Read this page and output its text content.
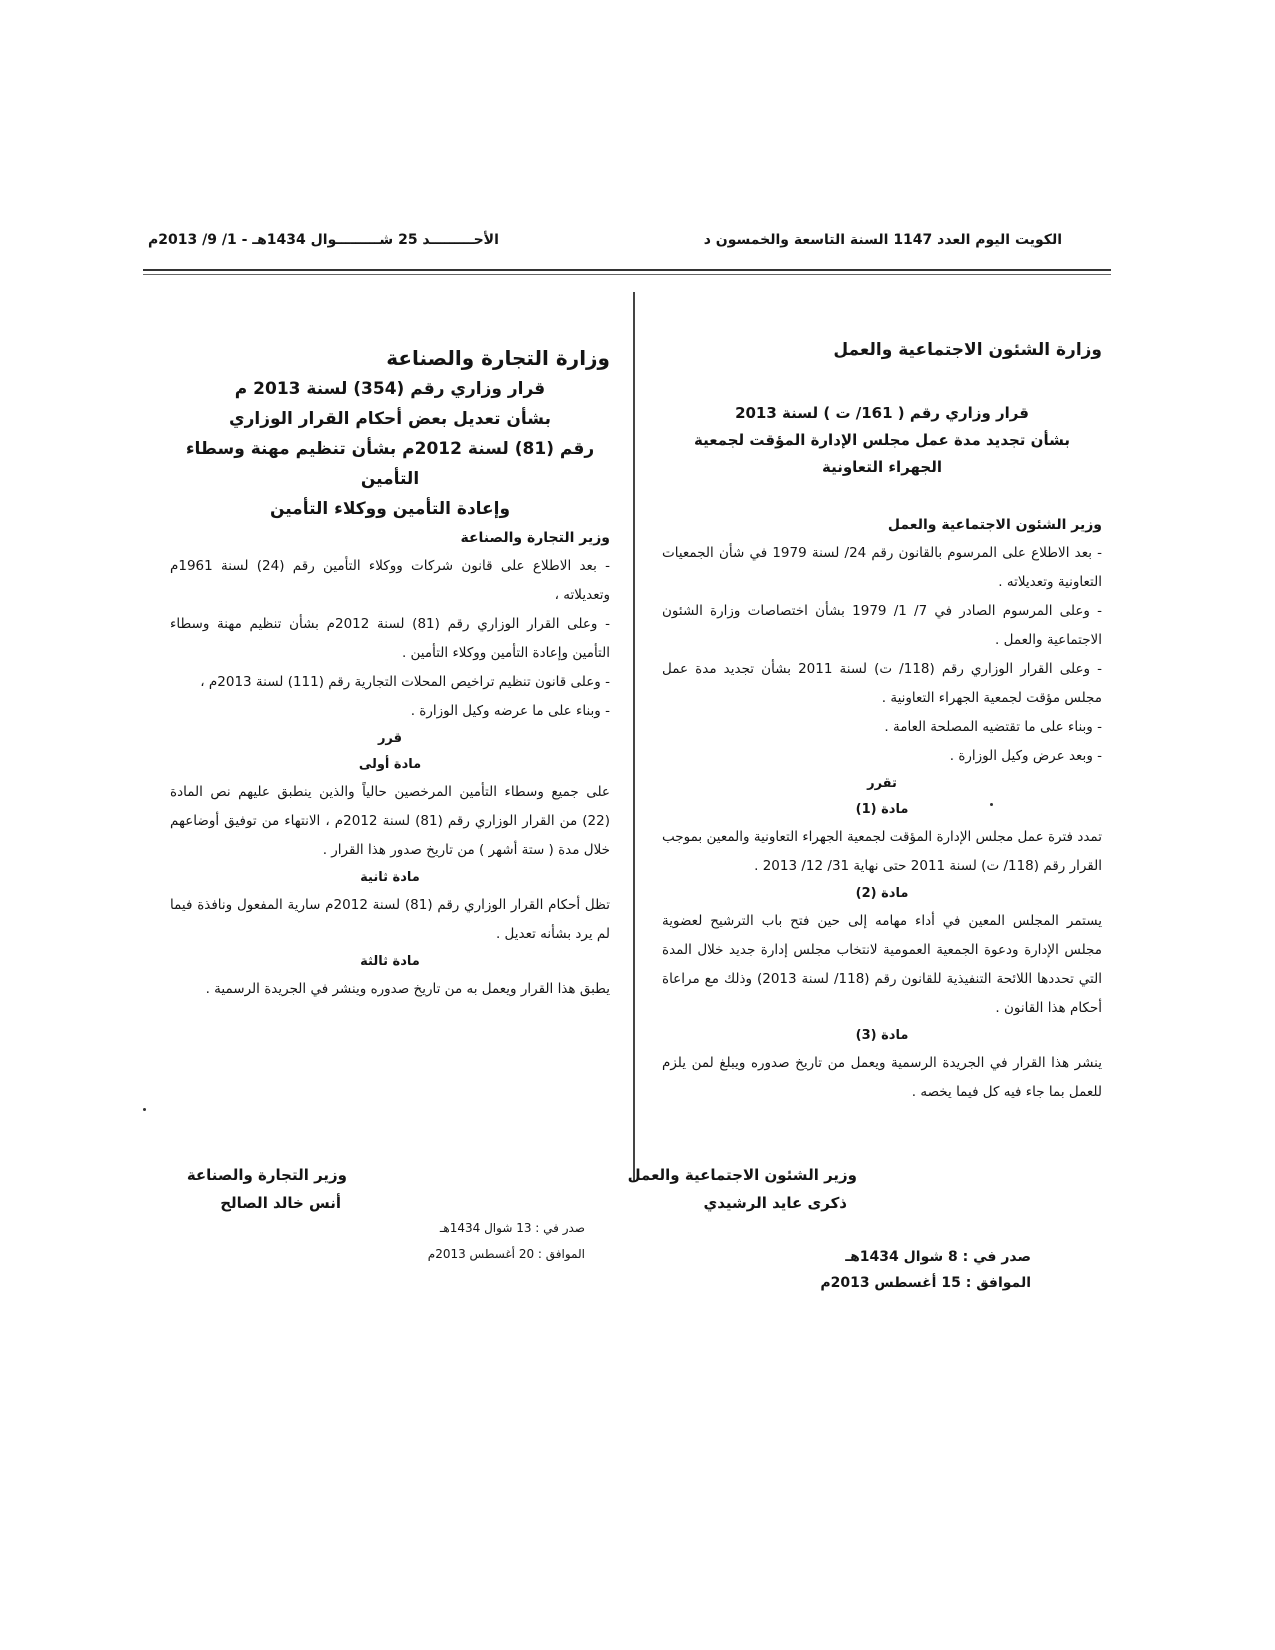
الكويت اليوم العدد 1147 السنة التاسعة والخمسون د
الأحـــــــــد 25 شـــــــــوال 1434هـ - 1/ 9/ 2013م
وزارة الشئون الاجتماعية والعمل
قرار وزاري رقم ( 161/ ت ) لسنة 2013
بشأن تجديد مدة عمل مجلس الإدارة المؤقت لجمعية
الجهراء التعاونية
وزير الشئون الاجتماعية والعمل
- بعد الاطلاع على المرسوم بالقانون رقم 24/ لسنة 1979 في شأن الجمعيات التعاونية وتعديلاته .
- وعلى المرسوم الصادر في 7/ 1/ 1979 بشأن اختصاصات وزارة الشئون الاجتماعية والعمل .
- وعلى القرار الوزاري رقم (118/ ت) لسنة 2011 بشأن تجديد مدة عمل مجلس مؤقت لجمعية الجهراء التعاونية .
- وبناء على ما تقتضيه المصلحة العامة .
- وبعد عرض وكيل الوزارة .
تقرر
مادة (1)
تمدد فترة عمل مجلس الإدارة المؤقت لجمعية الجهراء التعاونية والمعين بموجب القرار رقم (118/ ت) لسنة 2011 حتى نهاية 31/ 12/ 2013 .
مادة (2)
يستمر المجلس المعين في أداء مهامه إلى حين فتح باب الترشيح لعضوية مجلس الإدارة ودعوة الجمعية العمومية لانتخاب مجلس إدارة جديد خلال المدة التي تحددها اللائحة التنفيذية للقانون رقم (118/ لسنة 2013) وذلك مع مراعاة أحكام هذا القانون .
مادة (3)
ينشر هذا القرار في الجريدة الرسمية ويعمل من تاريخ صدوره ويبلغ لمن يلزم للعمل بما جاء فيه كل فيما يخصه .
وزير الشئون الاجتماعية والعمل
ذكرى عايد الرشيدي
صدر في : 8 شوال 1434هـ
الموافق : 15 أغسطس 2013م
وزارة التجارة والصناعة
قرار وزاري رقم (354) لسنة 2013 م
بشأن تعديل بعض أحكام القرار الوزاري
رقم (81) لسنة 2012م بشأن تنظيم مهنة وسطاء التأمين
وإعادة التأمين ووكلاء التأمين
وزير التجارة والصناعة
- بعد الاطلاع على قانون شركات ووكلاء التأمين رقم (24) لسنة 1961م وتعديلاته ،
- وعلى القرار الوزاري رقم (81) لسنة 2012م بشأن تنظيم مهنة وسطاء التأمين وإعادة التأمين ووكلاء التأمين .
- وعلى قانون تنظيم تراخيص المحلات التجارية رقم (111) لسنة 2013م ،
- وبناء على ما عرضه وكيل الوزارة .
قرر
مادة أولى
على جميع وسطاء التأمين المرخصين حالياً والذين ينطبق عليهم نص المادة (22) من القرار الوزاري رقم (81) لسنة 2012م ، الانتهاء من توفيق أوضاعهم خلال مدة ( ستة أشهر ) من تاريخ صدور هذا القرار .
مادة ثانية
تظل أحكام القرار الوزاري رقم (81) لسنة 2012م سارية المفعول ونافذة فيما لم يرد بشأنه تعديل .
مادة ثالثة
يطبق هذا القرار ويعمل به من تاريخ صدوره وينشر في الجريدة الرسمية .
وزير التجارة والصناعة
أنس خالد الصالح
صدر في : 13 شوال 1434هـ
الموافق : 20 أغسطس 2013م
